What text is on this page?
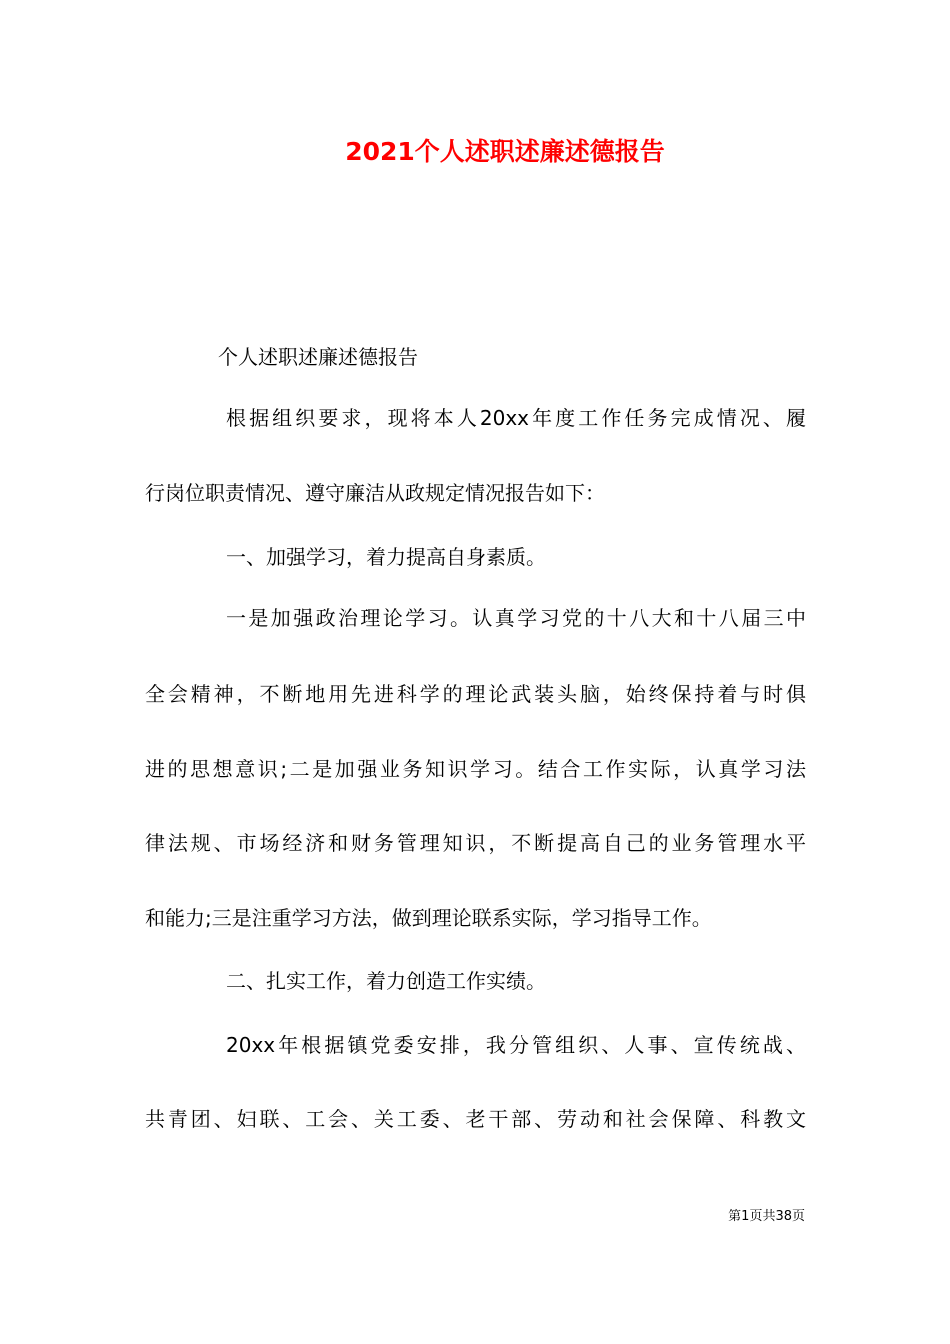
2021个人述职述廉述德报告
个人述职述廉述德报告
根据组织要求，现将本人20xx年度工作任务完成情况、履
行岗位职责情况、遵守廉洁从政规定情况报告如下：
一、加强学习，着力提高自身素质。
一是加强政治理论学习。认真学习党的十八大和十八届三中
全会精神，不断地用先进科学的理论武装头脑，始终保持着与时俱
进的思想意识;二是加强业务知识学习。结合工作实际，认真学习法
律法规、市场经济和财务管理知识，不断提高自己的业务管理水平
和能力;三是注重学习方法，做到理论联系实际，学习指导工作。
二、扎实工作，着力创造工作实绩。
20xx年根据镇党委安排，我分管组织、人事、宣传统战、
共青团、妇联、工会、关工委、老干部、劳动和社会保障、科教文
第1页共38页
